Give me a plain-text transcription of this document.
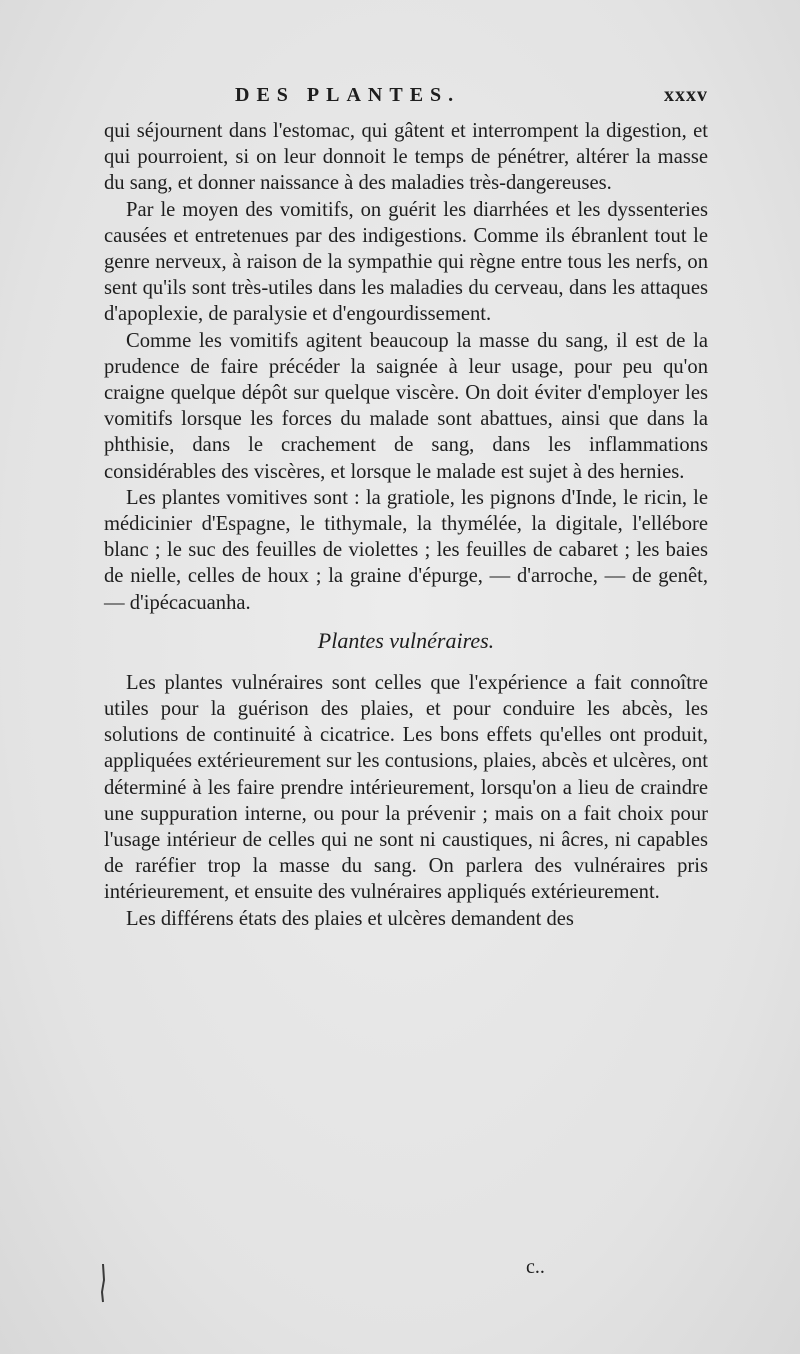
DES PLANTES.	xxxv

qui séjournent dans l'estomac, qui gâtent et interrompent la digestion, et qui pourroient, si on leur donnoit le temps de pénétrer, altérer la masse du sang, et donner naissance à des maladies très-dangereuses.

Par le moyen des vomitifs, on guérit les diarrhées et les dyssenteries causées et entretenues par des indigestions. Comme ils ébranlent tout le genre nerveux, à raison de la sympathie qui règne entre tous les nerfs, on sent qu'ils sont très-utiles dans les maladies du cerveau, dans les attaques d'apoplexie, de paralysie et d'engourdissement.

Comme les vomitifs agitent beaucoup la masse du sang, il est de la prudence de faire précéder la saignée à leur usage, pour peu qu'on craigne quelque dépôt sur quelque viscère. On doit éviter d'employer les vomitifs lorsque les forces du malade sont abattues, ainsi que dans la phthisie, dans le crachement de sang, dans les inflammations considérables des viscères, et lorsque le malade est sujet à des hernies.

Les plantes vomitives sont : la gratiole, les pignons d'Inde, le ricin, le médicinier d'Espagne, le tithymale, la thymélée, la digitale, l'ellébore blanc ; le suc des feuilles de violettes ; les feuilles de cabaret ; les baies de nielle, celles de houx ; la graine d'épurge, — d'arroche, — de genêt, — d'ipécacuanha.

Plantes vulnéraires.

Les plantes vulnéraires sont celles que l'expérience a fait connoître utiles pour la guérison des plaies, et pour conduire les abcès, les solutions de continuité à cicatrice. Les bons effets qu'elles ont produit, appliquées extérieurement sur les contusions, plaies, abcès et ulcères, ont déterminé à les faire prendre intérieurement, lorsqu'on a lieu de craindre une suppuration interne, ou pour la prévenir ; mais on a fait choix pour l'usage intérieur de celles qui ne sont ni caustiques, ni âcres, ni capables de raréfier trop la masse du sang. On parlera des vulnéraires pris intérieurement, et ensuite des vulnéraires appliqués extérieurement.

Les différens états des plaies et ulcères demandent des

c..
